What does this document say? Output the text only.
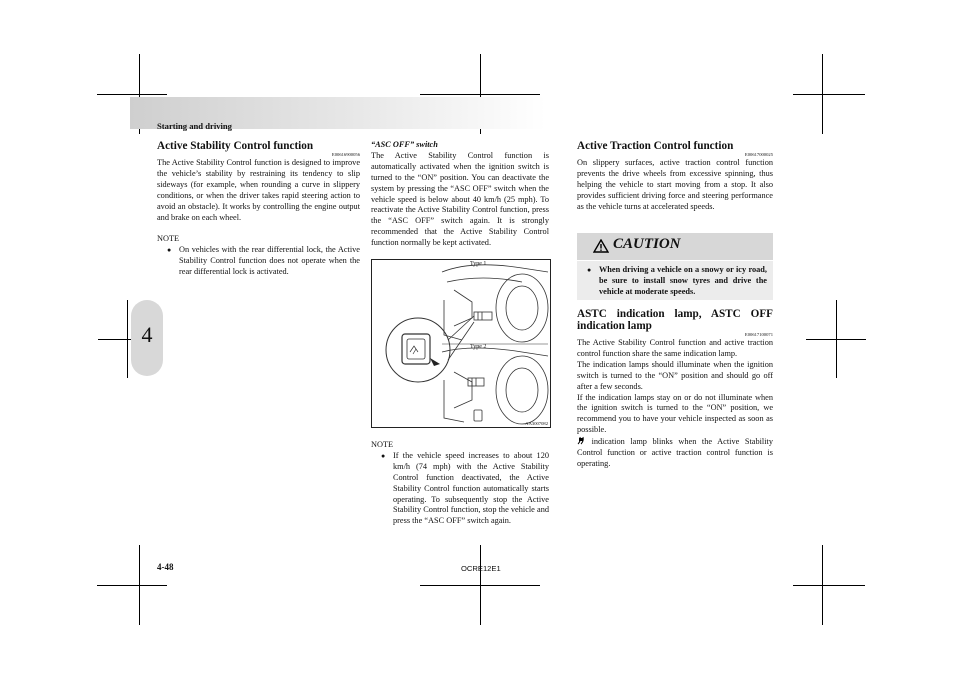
Starting and driving
4
Active Stability Control function
E00616900056

The Active Stability Control function is designed to improve the vehicle’s stability by restraining its tendency to slip sideways (for example, when rounding a curve in slippery conditions, or when the driver takes rapid steering action to avoid an obstacle). It works by controlling the engine output and brake on each wheel.

NOTE
● On vehicles with the rear differential lock, the Active Stability Control function does not operate when the rear differential lock is activated.
“ASC OFF” switch

The Active Stability Control function is automatically activated when the ignition switch is turned to the “ON” position. You can deactivate the system by pressing the “ASC OFF” switch when the vehicle speed is below about 40 km/h (25 mph). To reactivate the Active Stability Control function, press the “ASC OFF” switch again. It is strongly recommended that the Active Stability Control function normally be kept activated.

Type 1
Type 2
AA3007082
NOTE
● If the vehicle speed increases to about 120 km/h (74 mph) with the Active Stability Control function deactivated, the Active Stability Control function automatically starts operating. To subsequently stop the Active Stability Control function, stop the vehicle and press the “ASC OFF” switch again.
Active Traction Control function
E00617000025

On slippery surfaces, active traction control function prevents the drive wheels from excessive spinning, thus helping the vehicle to start moving from a stop. It also provides sufficient driving force and steering performance as the vehicle turns at accelerated speeds.

CAUTION
● When driving a vehicle on a snowy or icy road, be sure to install snow tyres and drive the vehicle at moderate speeds.
ASTC indication lamp, ASTC OFF indication lamp
E00617100071

The Active Stability Control function and active traction control function share the same indication lamp.

The indication lamps should illuminate when the ignition switch is turned to the “ON” position and should go off after a few seconds.

If the indication lamps stay on or do not illuminate when the ignition switch is turned to the “ON” position, we recommend you to have your vehicle inspected as soon as possible.

indication lamp blinks when the Active Stability Control function or active traction control function is operating.

4-48	OCRE12E1
